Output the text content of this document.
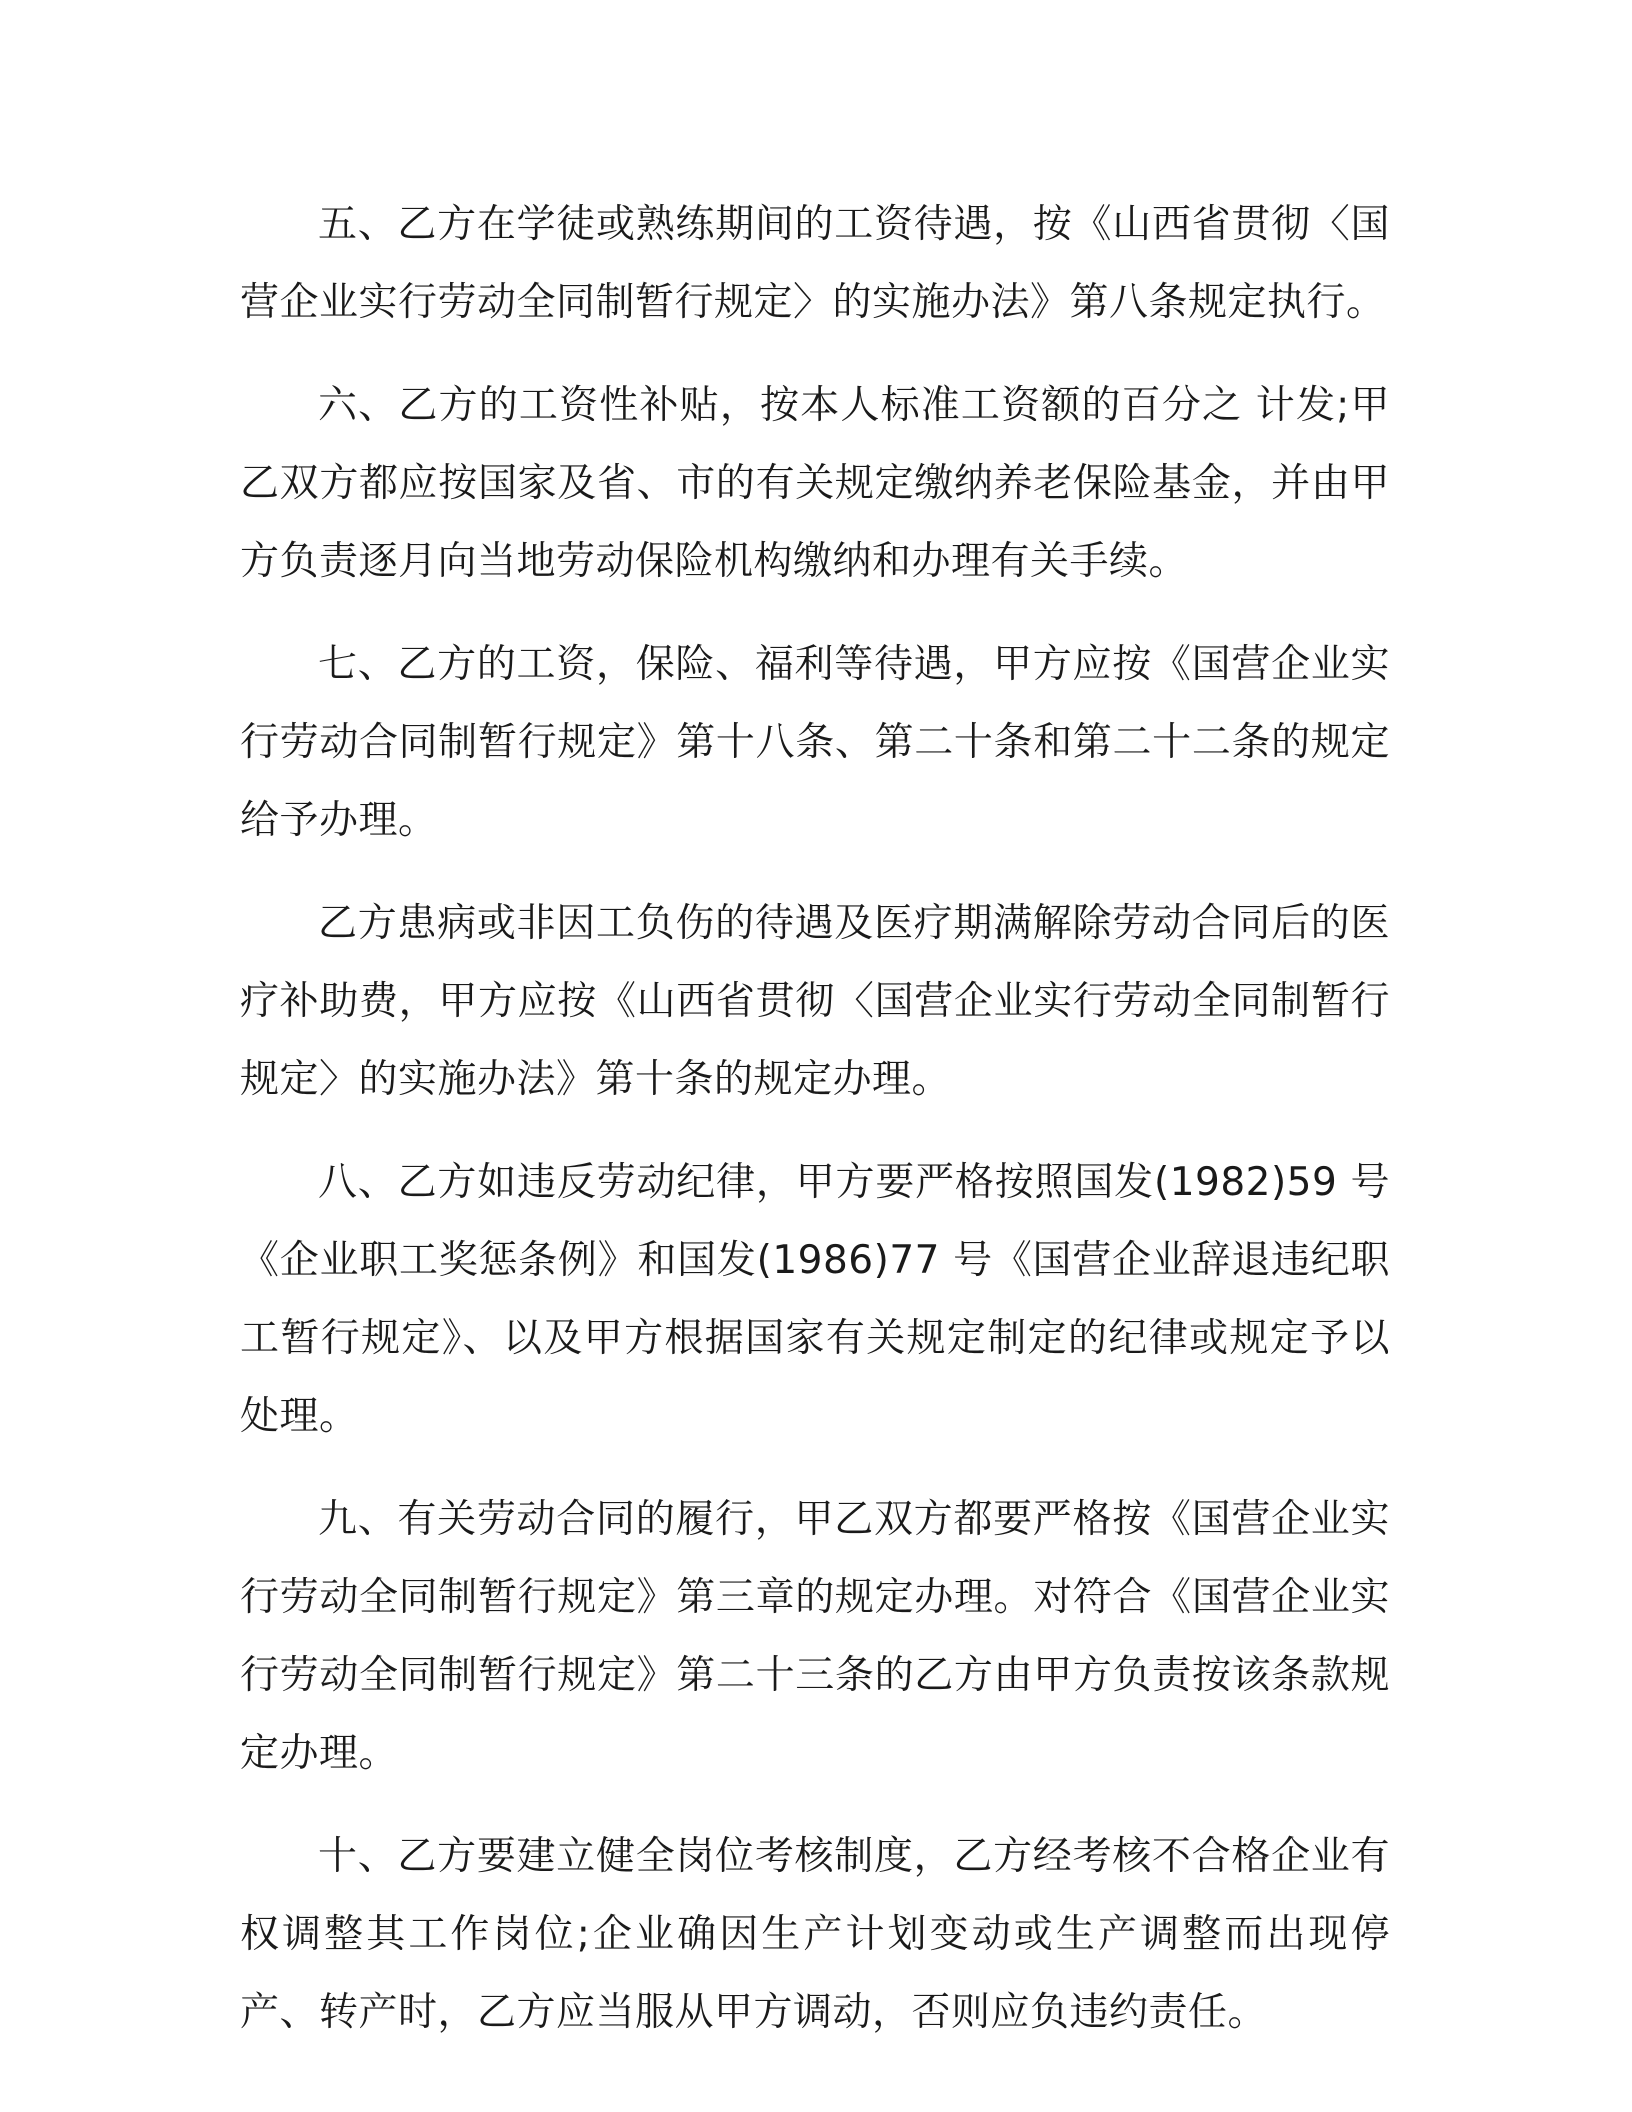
五、乙方在学徒或熟练期间的工资待遇，按《山西省贯彻〈国营企业实行劳动全同制暂行规定〉的实施办法》第八条规定执行。

六、乙方的工资性补贴，按本人标准工资额的百分之 计发;甲乙双方都应按国家及省、市的有关规定缴纳养老保险基金，并由甲方负责逐月向当地劳动保险机构缴纳和办理有关手续。

七、乙方的工资，保险、福利等待遇，甲方应按《国营企业实行劳动合同制暂行规定》第十八条、第二十条和第二十二条的规定给予办理。

乙方患病或非因工负伤的待遇及医疗期满解除劳动合同后的医疗补助费，甲方应按《山西省贯彻〈国营企业实行劳动全同制暂行规定〉的实施办法》第十条的规定办理。

八、乙方如违反劳动纪律，甲方要严格按照国发(1982)59 号《企业职工奖惩条例》和国发(1986)77 号《国营企业辞退违纪职工暂行规定》、以及甲方根据国家有关规定制定的纪律或规定予以处理。

九、有关劳动合同的履行，甲乙双方都要严格按《国营企业实行劳动全同制暂行规定》第三章的规定办理。对符合《国营企业实行劳动全同制暂行规定》第二十三条的乙方由甲方负责按该条款规定办理。

十、乙方要建立健全岗位考核制度，乙方经考核不合格企业有权调整其工作岗位;企业确因生产计划变动或生产调整而出现停产、转产时，乙方应当服从甲方调动，否则应负违约责任。
